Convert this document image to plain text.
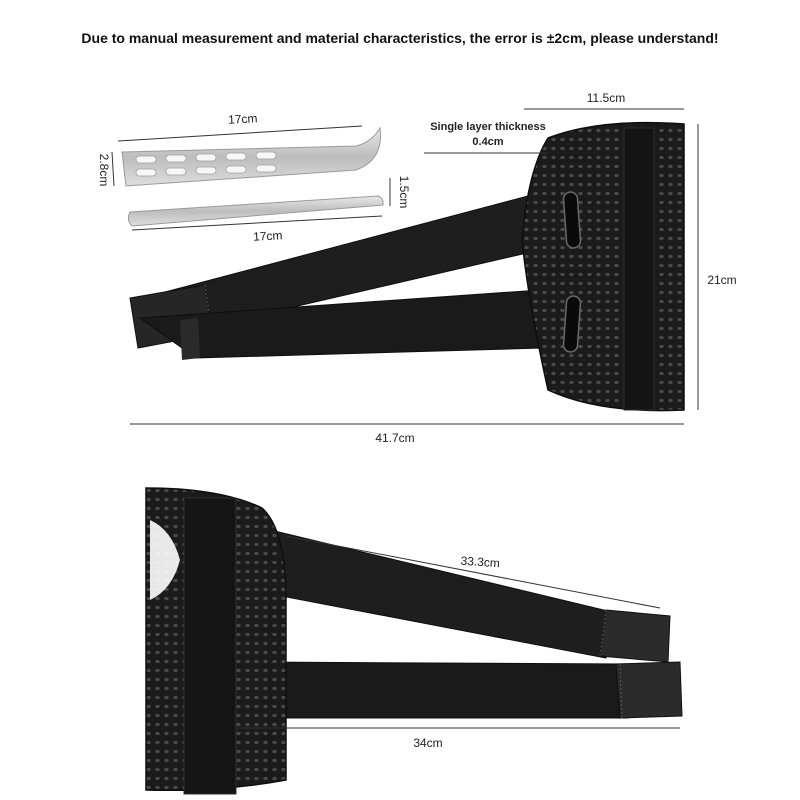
Due to manual measurement and material characteristics, the error is ±2cm, please understand!
17cm
2.8cm
1.5cm
17cm
11.5cm
Single layer thickness
0.4cm
21cm
41.7cm
33.3cm
34cm
